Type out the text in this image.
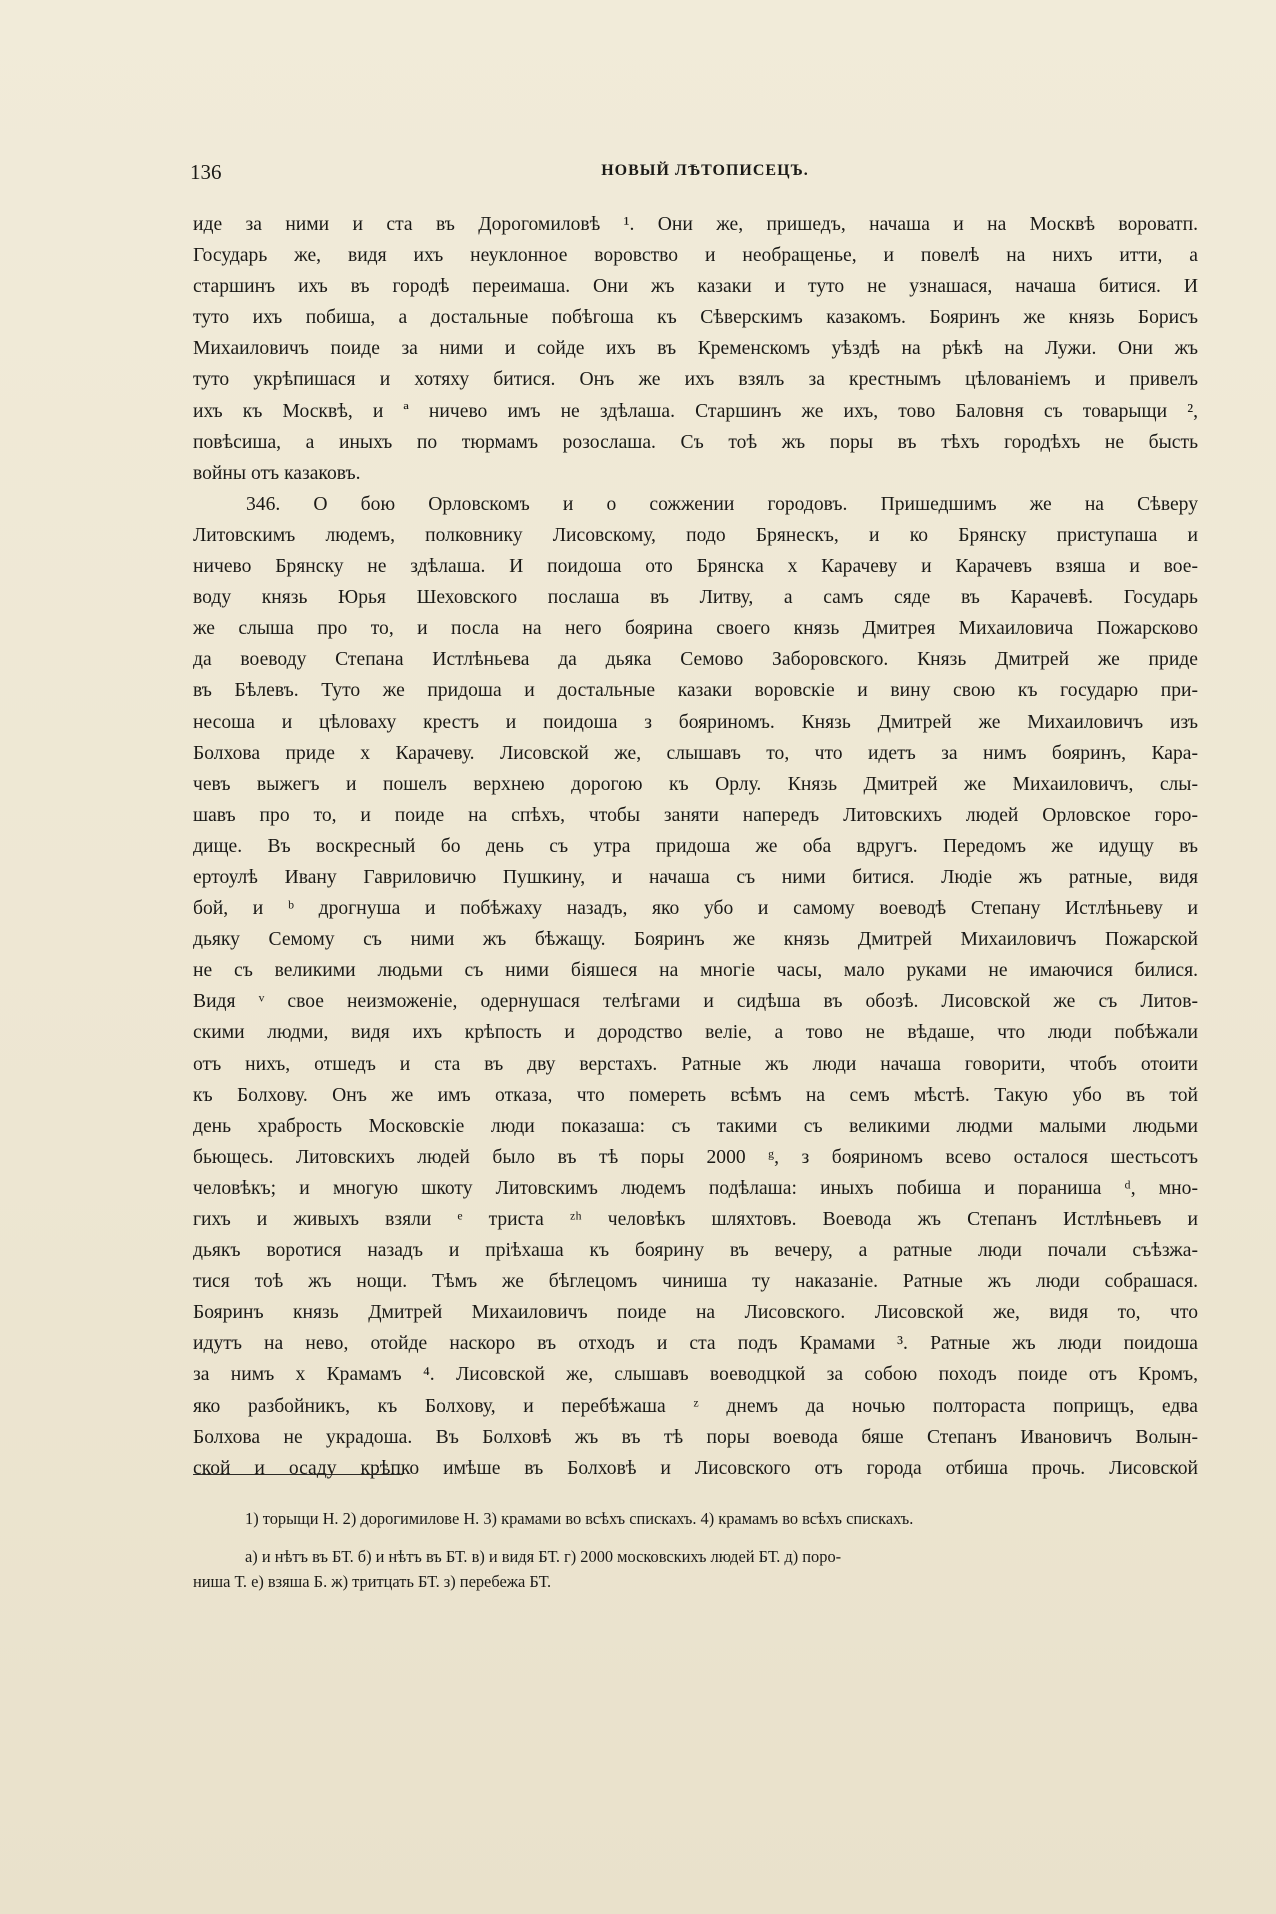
136	НОВЫЙ ЛѢТОПИСЕЦЪ.
иде за ними и ста въ Дорогомиловѣ ¹. Они же, пришедъ, начаша и на Москвѣ вороватп.
Государь же, видя ихъ неуклонное воровство и необращенье, и повелѣ на нихъ итти, а
старшинъ ихъ въ городѣ переимаша. Они жъ казаки и туто не узнашася, начаша битися. И
туто ихъ побиша, а достальные побѣгоша къ Сѣверскимъ казакомъ. Бояринъ же князь Борисъ
Михаиловичъ поиде за ними и сойде ихъ въ Кременскомъ уѣздѣ на рѣкѣ на Лужи. Они жъ
туто укрѣпишася и хотяху битися. Онъ же ихъ взялъ за крестнымъ цѣлованіемъ и привелъ
ихъ къ Москвѣ, и ª ничево имъ не здѣлаша. Старшинъ же ихъ, тово Баловня съ товарыщи ²,
повѣсиша, а иныхъ по тюрмамъ розослаша. Съ тоѣ жъ поры въ тѣхъ городѣхъ не бысть
войны отъ казаковъ.
346. О бою Орловскомъ и о сожжении городовъ. Пришедшимъ же на Сѣверу
Литовскимъ людемъ, полковнику Лисовскому, подо Брянескъ, и ко Брянску приступаша и
ничево Брянску не здѣлаша. И поидоша ото Брянска х Карачеву и Карачевъ взяша и вое-
воду князь Юрья Шеховского послаша въ Литву, а самъ сяде въ Карачевѣ. Государь
же слыша про то, и посла на него боярина своего князь Дмитрея Михаиловича Пожарсково
да воеводу Степана Истлѣньева да дьяка Семово Заборовского. Князь Дмитрей же приде
въ Бѣлевъ. Туто же придоша и достальные казаки воровскіе и вину свою къ государю при-
несоша и цѣловаху крестъ и поидоша з бояриномъ. Князь Дмитрей же Михаиловичъ изъ
Болхова приде х Карачеву. Лисовской же, слышавъ то, что идетъ за нимъ бояринъ, Кара-
чевъ выжегъ и пошелъ верхнею дорогою къ Орлу. Князь Дмитрей же Михаиловичъ, слы-
шавъ про то, и поиде на спѣхъ, чтобы заняти напередъ Литовскихъ людей Орловское горо-
дище. Въ воскресный бо день съ утра придоша же оба вдругъ. Передомъ же идущу въ
ертоулѣ Ивану Гавриловичю Пушкину, и начаша съ ними битися. Людіе жъ ратные, видя
бой, и ᵇ дрогнуша и побѣжаху назадъ, яко убо и самому воеводѣ Степану Истлѣньеву и
дьяку Семому съ ними жъ бѣжащу. Бояринъ же князь Дмитрей Михаиловичъ Пожарской
не съ великими людьми съ ними біяшеся на многіе часы, мало руками не имаючися билися.
Видя ᵛ свое неизможеніе, одернушася телѣгами и сидѣша въ обозѣ. Лисовской же съ Литов-
скими людми, видя ихъ крѣпость и дородство веліе, а тово не вѣдаше, что люди побѣжали
отъ нихъ, отшедъ и ста въ дву верстахъ. Ратные жъ люди начаша говорити, чтобъ отоити
къ Болхову. Онъ же имъ отказа, что помереть всѣмъ на семъ мѣстѣ. Такую убо въ той
день храбрость Московскіе люди показаша: съ такими съ великими людми малыми людьми
бьющесь. Литовскихъ людей было въ тѣ поры 2000 ᵍ, з бояриномъ всево осталося шестьсотъ
человѣкъ; и многую шкоту Литовскимъ людемъ подѣлаша: иныхъ побиша и пораниша ᵈ, мно-
гихъ и живыхъ взяли ᵉ триста ᶻʰ человѣкъ шляхтовъ. Воевода жъ Степанъ Истлѣньевъ и
дьякъ воротися назадъ и пріѣхаша къ боярину въ вечеру, а ратные люди почали съѣзжа-
тися тоѣ жъ нощи. Тѣмъ же бѣглецомъ чиниша ту наказаніе. Ратные жъ люди собрашася.
Бояринъ князь Дмитрей Михаиловичъ поиде на Лисовского. Лисовской же, видя то, что
идутъ на нево, отойде наскоро въ отходъ и ста подъ Крамами ³. Ратные жъ люди поидоша
за нимъ х Крамамъ ⁴. Лисовской же, слышавъ воеводцкой за собою походъ поиде отъ Кромъ,
яко разбойникъ, къ Болхову, и перебѣжаша ᶻ днемъ да ночью полтораста поприщъ, едва
Болхова не украдоша. Въ Болховѣ жъ въ тѣ поры воевода бяше Степанъ Ивановичъ Волын-
ской и осаду крѣпко имѣше въ Болховѣ и Лисовского отъ города отбиша прочь. Лисовской
1) торыщи Н. 2) дорогимилове Н. 3) крамами во всѣхъ спискахъ. 4) крамамъ во всѣхъ спискахъ.
а) и нѣтъ въ БТ. б) и нѣтъ въ БТ. в) и видя БТ. г) 2000 московскихъ людей БТ. д) поро-
ниша Т. е) взяша Б. ж) тритцать БТ. з) перебежа БТ.
